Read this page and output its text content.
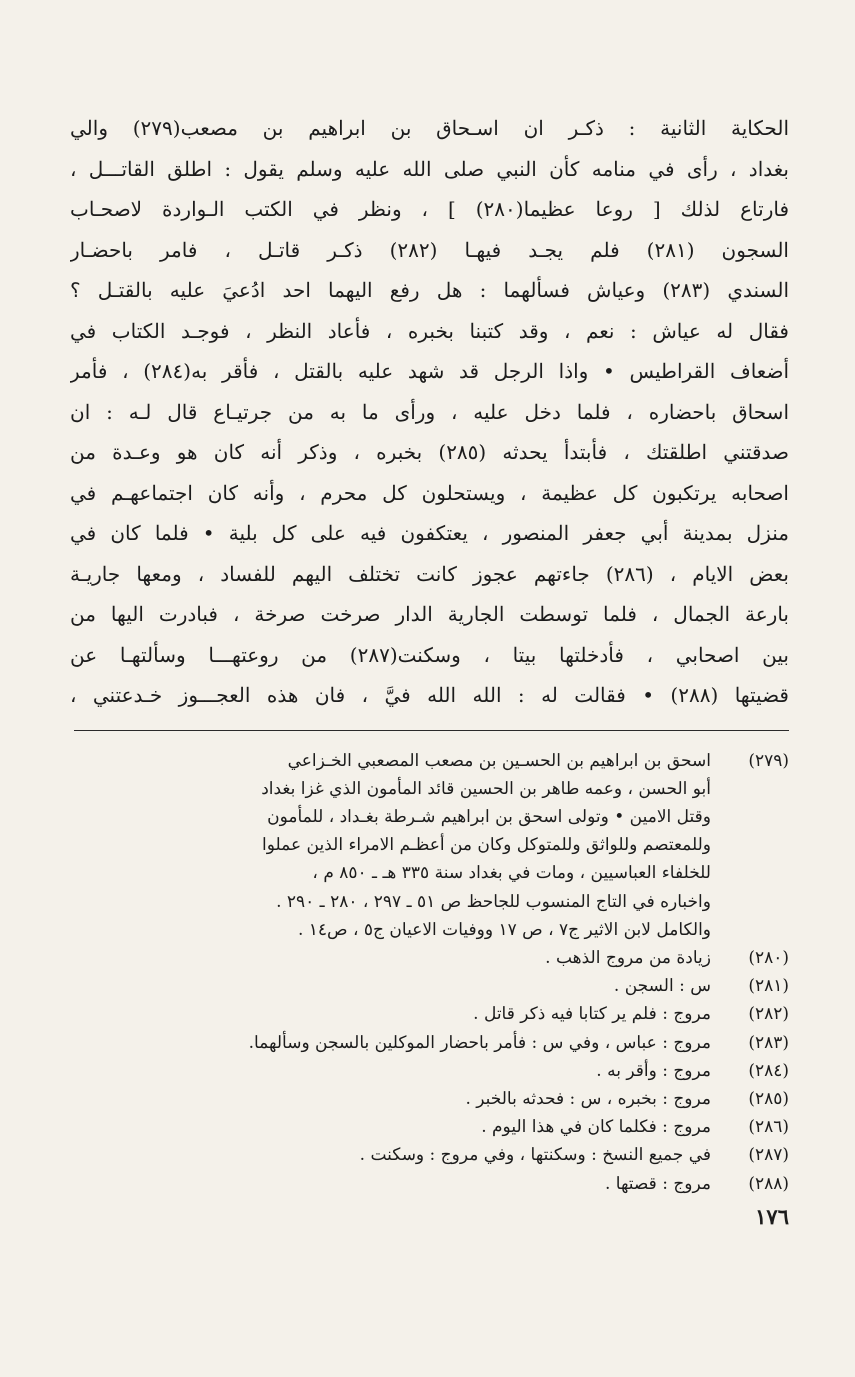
الحكاية الثانية : ذكـر ان اسـحاق بن ابراهيم بن مصعب(٢٧٩) والي
بغداد ، رأى في منامه كأن النبي صلى الله عليه وسلم يقول : اطلق القاتـــل ،
فارتاع لذلك [ روعا عظيما(٢٨٠) ] ، ونظر في الكتب الـواردة لاصحـاب
السجون (٢٨١) فلم يجـد فيهـا (٢٨٢) ذكـر قاتـل ، فامر باحضـار
السندي (٢٨٣) وعياش فسألهما : هل رفع اليهما احد ادُعيَ عليه بالقتـل ؟
فقال له عياش : نعم ، وقد كتبنا بخبره ، فأعاد النظر ، فوجـد الكتاب في
أضعاف القراطيس • واذا الرجل قد شهد عليه بالقتل ، فأقر به(٢٨٤) ، فأمر
اسحاق باحضاره ، فلما دخل عليه ، ورأى ما به من جرتيـاع قال لـه : ان
صدقتني اطلقتك ، فأبتدأ يحدثه (٢٨٥) بخبره ، وذكر أنه كان هو وعـدة من
اصحابه يرتكبون كل عظيمة ، ويستحلون كل محرم ، وأنه كان اجتماعهـم في
منزل بمدينة أبي جعفر المنصور ، يعتكفون فيه على كل بلية • فلما كان في
بعض الايام ، (٢٨٦) جاءتهم عجوز كانت تختلف اليهم للفساد ، ومعها جاريـة
بارعة الجمال ، فلما توسطت الجارية الدار صرخت صرخة ، فبادرت اليها من
بين اصحابي ، فأدخلتها بيتا ، وسكنت(٢٨٧) من روعتهـــا وسألتهـا عن
قضيتها (٢٨٨) • فقالت له : الله الله فيَّ ، فان هذه العجـــوز خـدعتني ،
(٢٧٩)
اسحق بن ابراهيم بن الحسـين بن مصعب المصعبي الخـزاعي
أبو الحسن ، وعمه طاهر بن الحسين قائد المأمون الذي غزا بغداد
وقتل الامين • وتولى اسحق بن ابراهيم شـرطة بغـداد ، للمأمون
وللمعتصم وللواثق وللمتوكل وكان من أعظـم الامراء الذين عملوا
للخلفاء العباسيين ، ومات في بغداد سنة ٣٣٥ هـ ـ ٨٥٠ م ،
واخباره في التاج المنسوب للجاحظ ص ٥١ ـ ٢٩٧ ، ٢٨٠ ـ ٢٩٠ .
والكامل لابن الاثير ج٧ ، ص ١٧ ووفيات الاعيان ج٥ ، ص١٤ .
(٢٨٠)
زيادة من مروج الذهب .
(٢٨١)
س : السجن .
(٢٨٢)
مروج : فلم ير كتابا فيه ذكر قاتل .
(٢٨٣)
مروج : عباس ، وفي س : فأمر باحضار الموكلين بالسجن وسألهما.
(٢٨٤)
مروج : وأقر به .
(٢٨٥)
مروج : بخبره ، س : فحدثه بالخبر .
(٢٨٦)
مروج : فكلما كان في هذا اليوم .
(٢٨٧)
في جميع النسخ : وسكنتها ، وفي مروج : وسكنت .
(٢٨٨)
مروج : قصتها .
١٧٦
